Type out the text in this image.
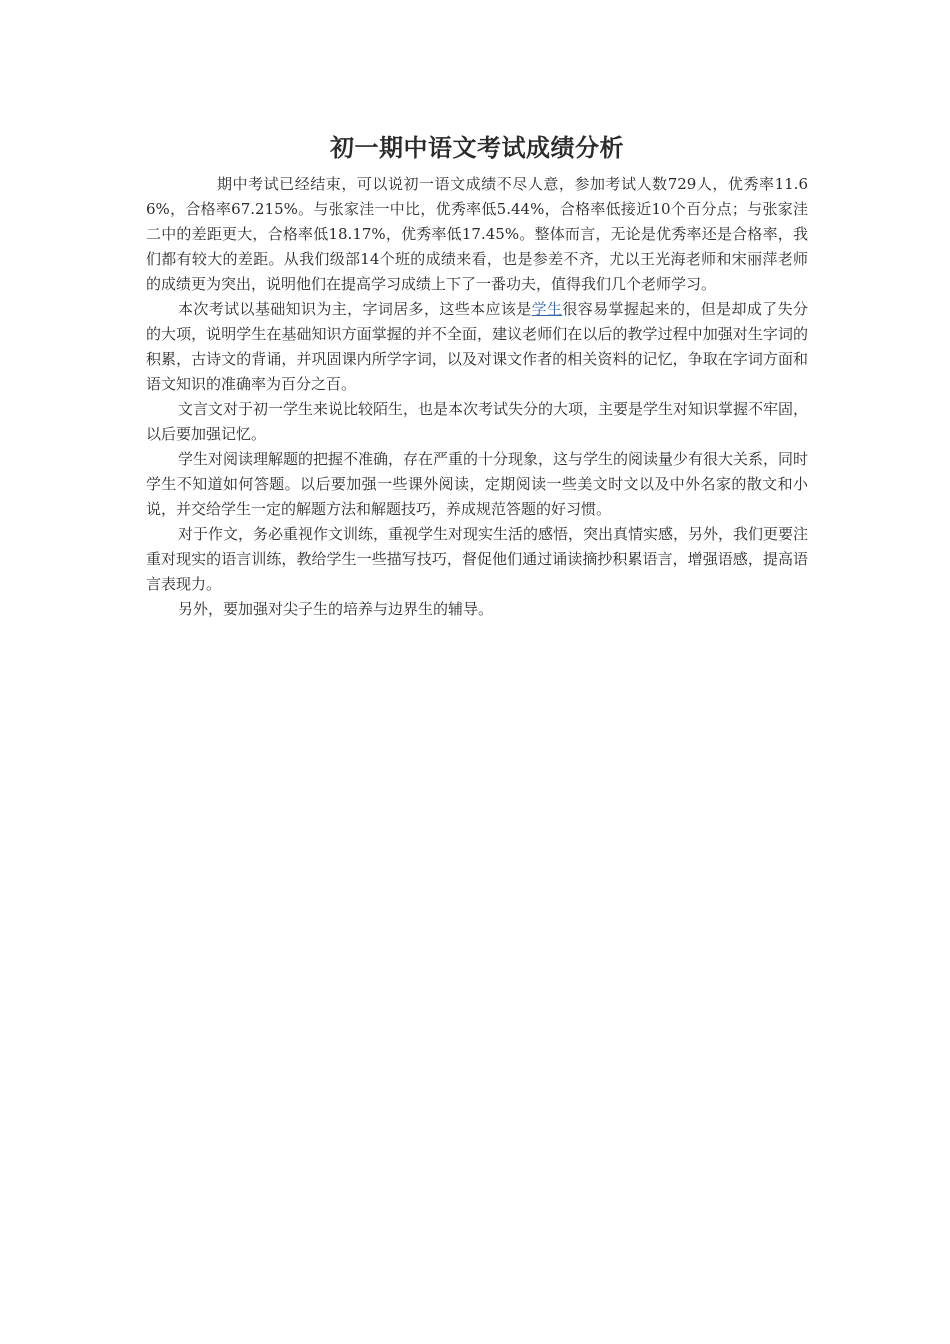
初一期中语文考试成绩分析

期中考试已经结束，可以说初一语文成绩不尽人意，参加考试人数729人，优秀率11.66%，合格率67.215%。与张家洼一中比，优秀率低5.44%，合格率低接近10个百分点；与张家洼二中的差距更大，合格率低18.17%，优秀率低17.45%。整体而言，无论是优秀率还是合格率，我们都有较大的差距。从我们级部14个班的成绩来看，也是参差不齐，尤以王光海老师和宋丽萍老师的成绩更为突出，说明他们在提高学习成绩上下了一番功夫，值得我们几个老师学习。

本次考试以基础知识为主，字词居多，这些本应该是学生很容易掌握起来的，但是却成了失分的大项，说明学生在基础知识方面掌握的并不全面，建议老师们在以后的教学过程中加强对生字词的积累，古诗文的背诵，并巩固课内所学字词，以及对课文作者的相关资料的记忆，争取在字词方面和语文知识的准确率为百分之百。

文言文对于初一学生来说比较陌生，也是本次考试失分的大项，主要是学生对知识掌握不牢固，以后要加强记忆。

学生对阅读理解题的把握不准确，存在严重的十分现象，这与学生的阅读量少有很大关系，同时学生不知道如何答题。以后要加强一些课外阅读，定期阅读一些美文时文以及中外名家的散文和小说，并交给学生一定的解题方法和解题技巧，养成规范答题的好习惯。

对于作文，务必重视作文训练，重视学生对现实生活的感悟，突出真情实感，另外，我们更要注重对现实的语言训练，教给学生一些描写技巧，督促他们通过诵读摘抄积累语言，增强语感，提高语言表现力。

另外，要加强对尖子生的培养与边界生的辅导。
